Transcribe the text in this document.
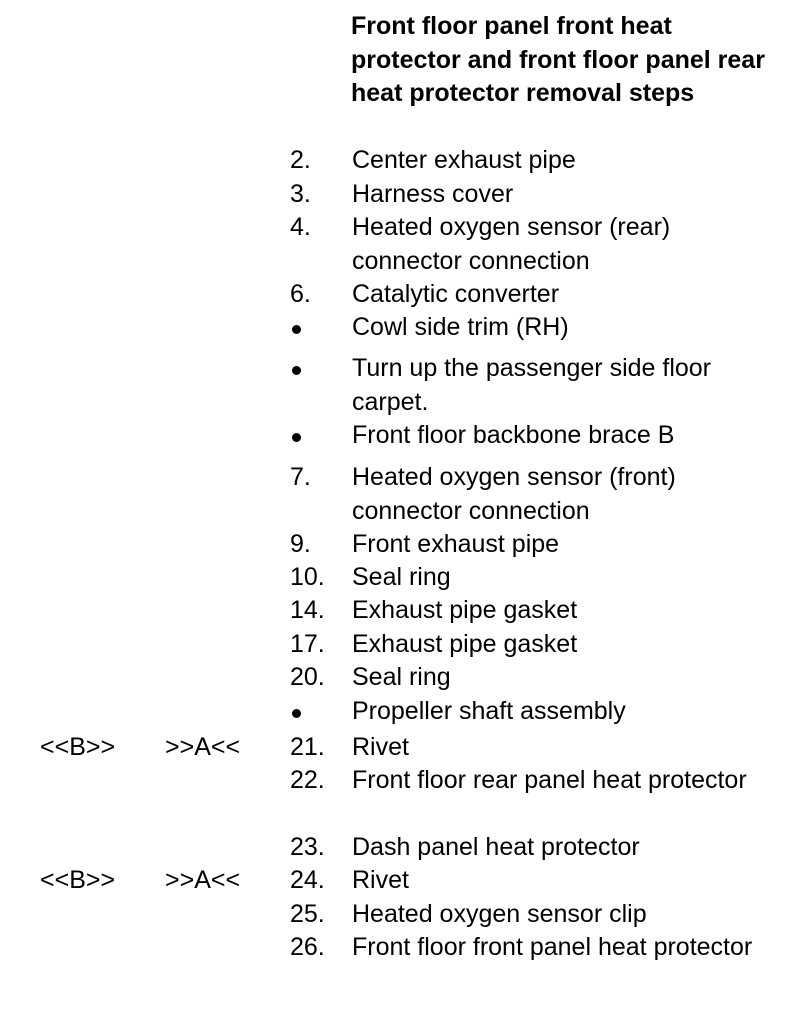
Front floor panel front heat protector and front floor panel rear heat protector removal steps
2. Center exhaust pipe
3. Harness cover
4. Heated oxygen sensor (rear) connector connection
6. Catalytic converter
Cowl side trim (RH)
Turn up the passenger side floor carpet.
Front floor backbone brace B
7. Heated oxygen sensor (front) connector connection
9. Front exhaust pipe
10. Seal ring
14. Exhaust pipe gasket
17. Exhaust pipe gasket
20. Seal ring
Propeller shaft assembly
<<B>> >>A<< 21. Rivet
22. Front floor rear panel heat protector
23. Dash panel heat protector
<<B>> >>A<< 24. Rivet
25. Heated oxygen sensor clip
26. Front floor front panel heat protector
